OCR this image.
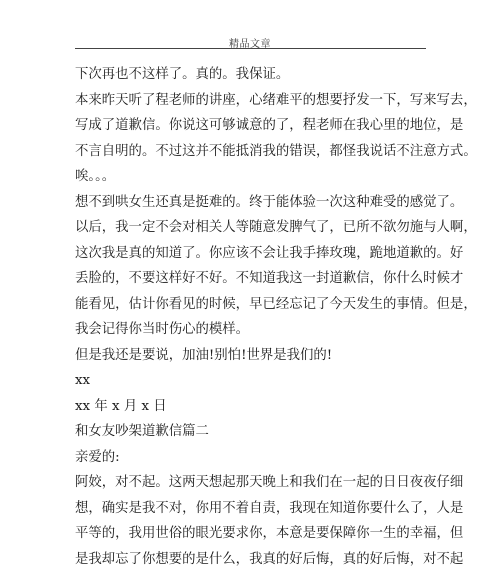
精品文章
下次再也不这样了。真的。我保证。
本来昨天听了程老师的讲座，心绪难平的想要抒发一下，写来写去，
写成了道歉信。你说这可够诚意的了，程老师在我心里的地位，是
不言自明的。不过这并不能抵消我的错误，都怪我说话不注意方式。
唉。。。
想不到哄女生还真是挺难的。终于能体验一次这种难受的感觉了。
以后，我一定不会对相关人等随意发脾气了，已所不欲勿施与人啊，
这次我是真的知道了。你应该不会让我手捧玫瑰，跪地道歉的。好
丢脸的，不要这样好不好。不知道我这一封道歉信，你什么时候才
能看见，估计你看见的时候，早已经忘记了今天发生的事情。但是，
我会记得你当时伤心的模样。
但是我还是要说，加油!别怕!世界是我们的!
xx
xx 年 x 月 x 日
和女友吵架道歉信篇二
亲爱的:
阿姣，对不起。这两天想起那天晚上和我们在一起的日日夜夜仔细
想，确实是我不对，你用不着自责，我现在知道你要什么了，人是
平等的，我用世俗的眼光要求你，本意是要保障你一生的幸福，但
是我却忘了你想要的是什么，我真的好后悔，真的好后悔，对不起
